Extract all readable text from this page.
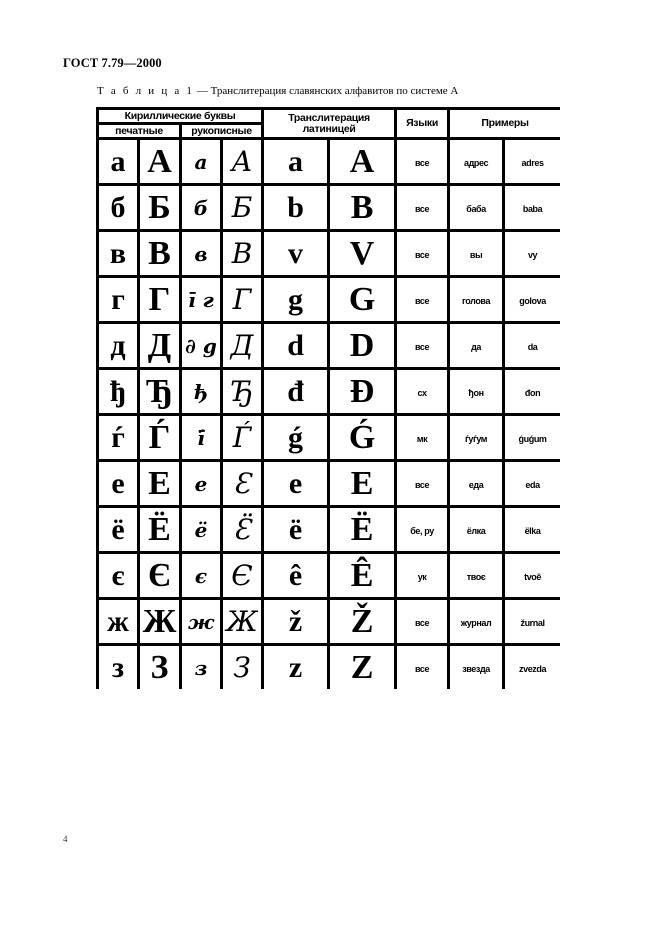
ГОСТ 7.79—2000
Т а б л и ц а 1 — Транслитерация славянских алфавитов по системе А
Кириллические буквы				Транслитерация латиницей		Языки	Примеры	
печатные		рукописные						
а	А	а	А	a	A	все	адрес	adres
б	Б	б	Б	b	B	все	баба	baba
в	В	в	В	v	V	все	вы	vy
г	Г	ī г	Г	g	G	все	голова	golova
д	Д	∂ g	Д	d	D	все	да	da
ђ	Ђ	ђ	Ђ	đ	Đ	сх	ђон	đon
ѓ	Ѓ	ī́	Ѓ	ǵ	Ǵ	мк	ѓуѓум	ǵuǵum
е	Е	е	Ɛ	e	E	все	еда	eda
ё	Ё	ё	Ɛ̈	ë	Ë	бе, ру	ёлка	ëlka
є	Є	є	Є	ê	Ê	ук	твоє	tvoê
ж	Ж	ж	Ж	ž	Ž	все	журнал	žurnal
з	З	з	З	z	Z	все	звезда	zvezda
4
